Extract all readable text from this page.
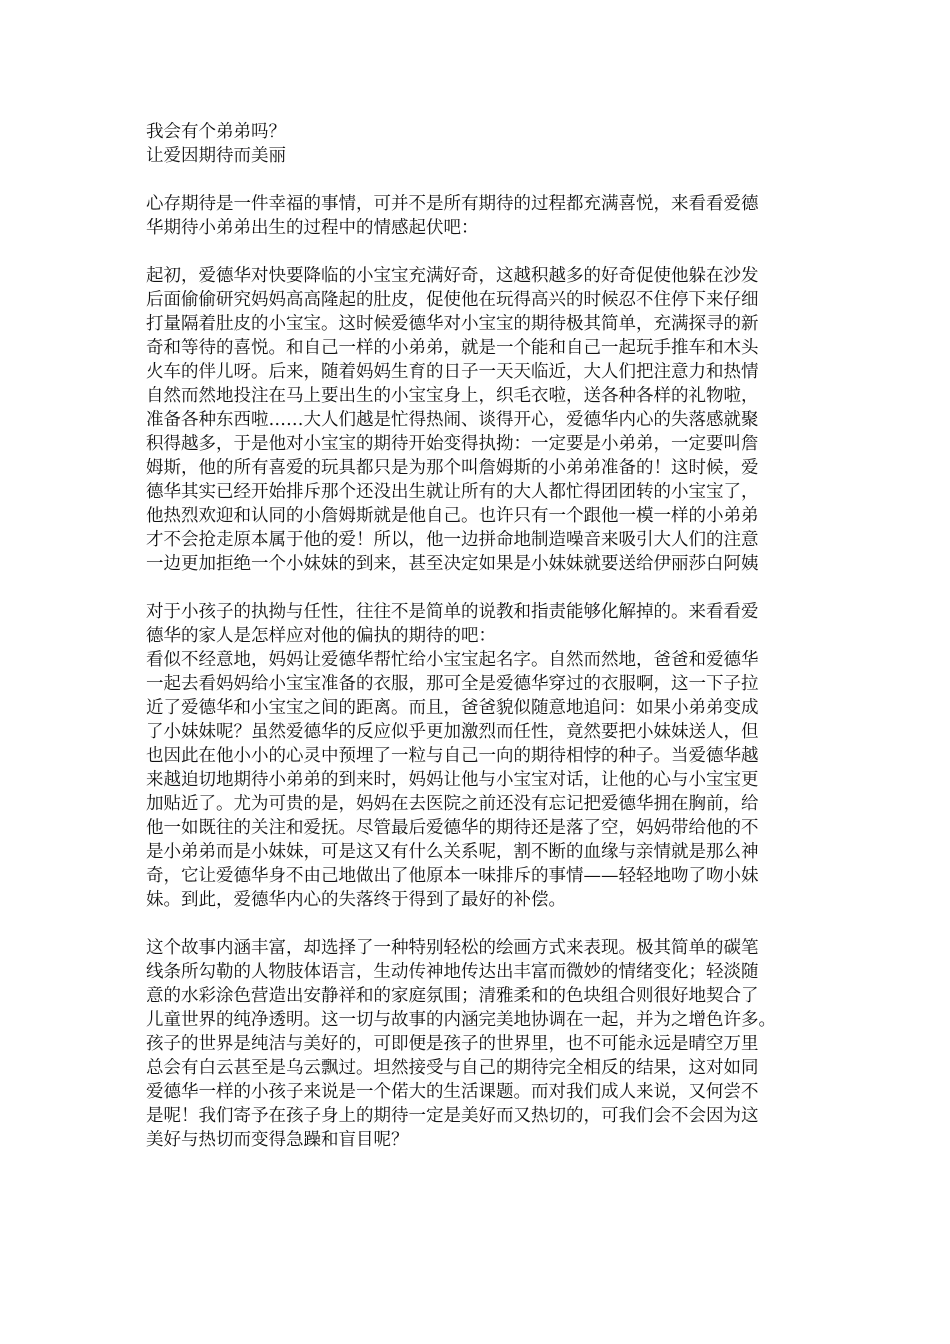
我会有个弟弟吗？
让爱因期待而美丽
心存期待是一件幸福的事情，可并不是所有期待的过程都充满喜悦，来看看爱德
华期待小弟弟出生的过程中的情感起伏吧：
起初，爱德华对快要降临的小宝宝充满好奇，这越积越多的好奇促使他躲在沙发
后面偷偷研究妈妈高高隆起的肚皮，促使他在玩得高兴的时候忍不住停下来仔细
打量隔着肚皮的小宝宝。这时候爱德华对小宝宝的期待极其简单，充满探寻的新
奇和等待的喜悦。和自己一样的小弟弟，就是一个能和自己一起玩手推车和木头
火车的伴儿呀。后来，随着妈妈生育的日子一天天临近，大人们把注意力和热情
自然而然地投注在马上要出生的小宝宝身上，织毛衣啦，送各种各样的礼物啦，
准备各种东西啦……大人们越是忙得热闹、谈得开心，爱德华内心的失落感就聚
积得越多，于是他对小宝宝的期待开始变得执拗：一定要是小弟弟，一定要叫詹
姆斯，他的所有喜爱的玩具都只是为那个叫詹姆斯的小弟弟准备的！这时候，爱
德华其实已经开始排斥那个还没出生就让所有的大人都忙得团团转的小宝宝了，
他热烈欢迎和认同的小詹姆斯就是他自己。也许只有一个跟他一模一样的小弟弟
才不会抢走原本属于他的爱！所以，他一边拼命地制造噪音来吸引大人们的注意
一边更加拒绝一个小妹妹的到来，甚至决定如果是小妹妹就要送给伊丽莎白阿姨
对于小孩子的执拗与任性，往往不是简单的说教和指责能够化解掉的。来看看爱
德华的家人是怎样应对他的偏执的期待的吧：
看似不经意地，妈妈让爱德华帮忙给小宝宝起名字。自然而然地，爸爸和爱德华
一起去看妈妈给小宝宝准备的衣服，那可全是爱德华穿过的衣服啊，这一下子拉
近了爱德华和小宝宝之间的距离。而且，爸爸貌似随意地追问：如果小弟弟变成
了小妹妹呢？虽然爱德华的反应似乎更加激烈而任性，竟然要把小妹妹送人，但
也因此在他小小的心灵中预埋了一粒与自己一向的期待相悖的种子。当爱德华越
来越迫切地期待小弟弟的到来时，妈妈让他与小宝宝对话，让他的心与小宝宝更
加贴近了。尤为可贵的是，妈妈在去医院之前还没有忘记把爱德华拥在胸前，给
他一如既往的关注和爱抚。尽管最后爱德华的期待还是落了空，妈妈带给他的不
是小弟弟而是小妹妹，可是这又有什么关系呢，割不断的血缘与亲情就是那么神
奇，它让爱德华身不由己地做出了他原本一味排斥的事情——轻轻地吻了吻小妹
妹。到此，爱德华内心的失落终于得到了最好的补偿。
这个故事内涵丰富，却选择了一种特别轻松的绘画方式来表现。极其简单的碳笔
线条所勾勒的人物肢体语言，生动传神地传达出丰富而微妙的情绪变化；轻淡随
意的水彩涂色营造出安静祥和的家庭氛围；清雅柔和的色块组合则很好地契合了
儿童世界的纯净透明。这一切与故事的内涵完美地协调在一起，并为之增色许多。
孩子的世界是纯洁与美好的，可即便是孩子的世界里，也不可能永远是晴空万里
总会有白云甚至是乌云飘过。坦然接受与自己的期待完全相反的结果，这对如同
爱德华一样的小孩子来说是一个偌大的生活课题。而对我们成人来说，又何尝不
是呢！我们寄予在孩子身上的期待一定是美好而又热切的，可我们会不会因为这
美好与热切而变得急躁和盲目呢？
